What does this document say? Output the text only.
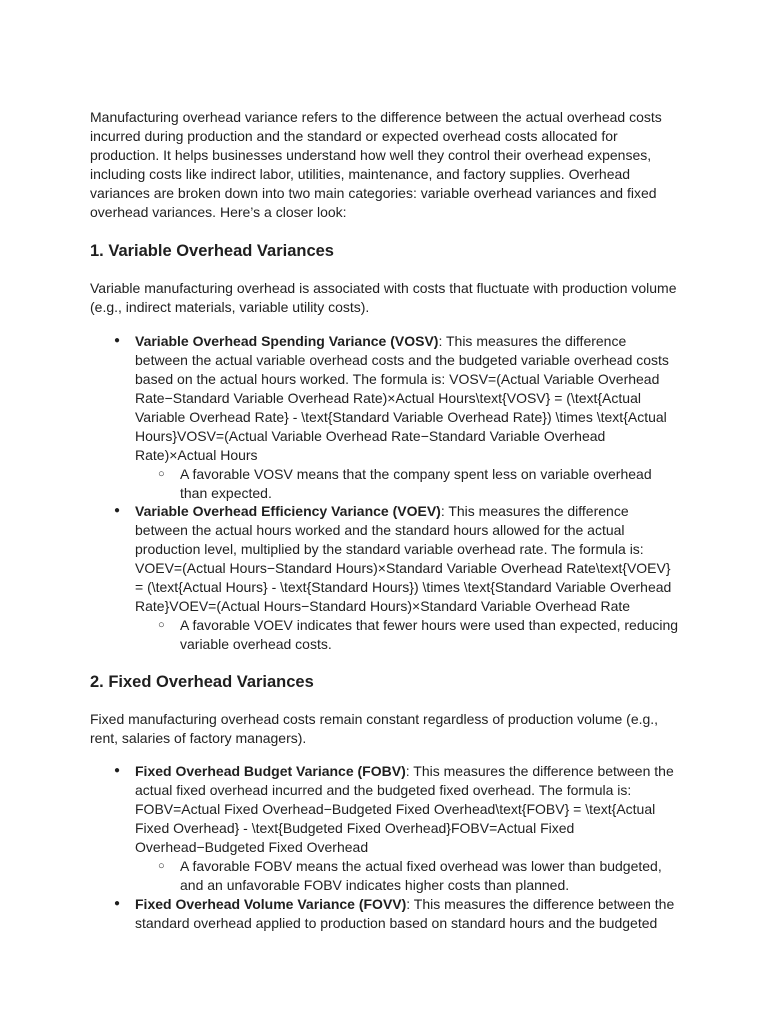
Manufacturing overhead variance refers to the difference between the actual overhead costs incurred during production and the standard or expected overhead costs allocated for production. It helps businesses understand how well they control their overhead expenses, including costs like indirect labor, utilities, maintenance, and factory supplies. Overhead variances are broken down into two main categories: variable overhead variances and fixed overhead variances. Here’s a closer look:

1. Variable Overhead Variances

Variable manufacturing overhead is associated with costs that fluctuate with production volume (e.g., indirect materials, variable utility costs).

● Variable Overhead Spending Variance (VOSV): This measures the difference between the actual variable overhead costs and the budgeted variable overhead costs based on the actual hours worked. The formula is: VOSV=(Actual Variable Overhead Rate−Standard Variable Overhead Rate)×Actual Hours\text{VOSV} = (\text{Actual Variable Overhead Rate} - \text{Standard Variable Overhead Rate}) \times \text{Actual Hours}VOSV=(Actual Variable Overhead Rate−Standard Variable Overhead Rate)×Actual Hours
○ A favorable VOSV means that the company spent less on variable overhead than expected.
● Variable Overhead Efficiency Variance (VOEV): This measures the difference between the actual hours worked and the standard hours allowed for the actual production level, multiplied by the standard variable overhead rate. The formula is: VOEV=(Actual Hours−Standard Hours)×Standard Variable Overhead Rate\text{VOEV} = (\text{Actual Hours} - \text{Standard Hours}) \times \text{Standard Variable Overhead Rate}VOEV=(Actual Hours−Standard Hours)×Standard Variable Overhead Rate
○ A favorable VOEV indicates that fewer hours were used than expected, reducing variable overhead costs.
2. Fixed Overhead Variances

Fixed manufacturing overhead costs remain constant regardless of production volume (e.g., rent, salaries of factory managers).

● Fixed Overhead Budget Variance (FOBV): This measures the difference between the actual fixed overhead incurred and the budgeted fixed overhead. The formula is: FOBV=Actual Fixed Overhead−Budgeted Fixed Overhead\text{FOBV} = \text{Actual Fixed Overhead} - \text{Budgeted Fixed Overhead}FOBV=Actual Fixed Overhead−Budgeted Fixed Overhead
○ A favorable FOBV means the actual fixed overhead was lower than budgeted, and an unfavorable FOBV indicates higher costs than planned.
● Fixed Overhead Volume Variance (FOVV): This measures the difference between the standard overhead applied to production based on standard hours and the budgeted
